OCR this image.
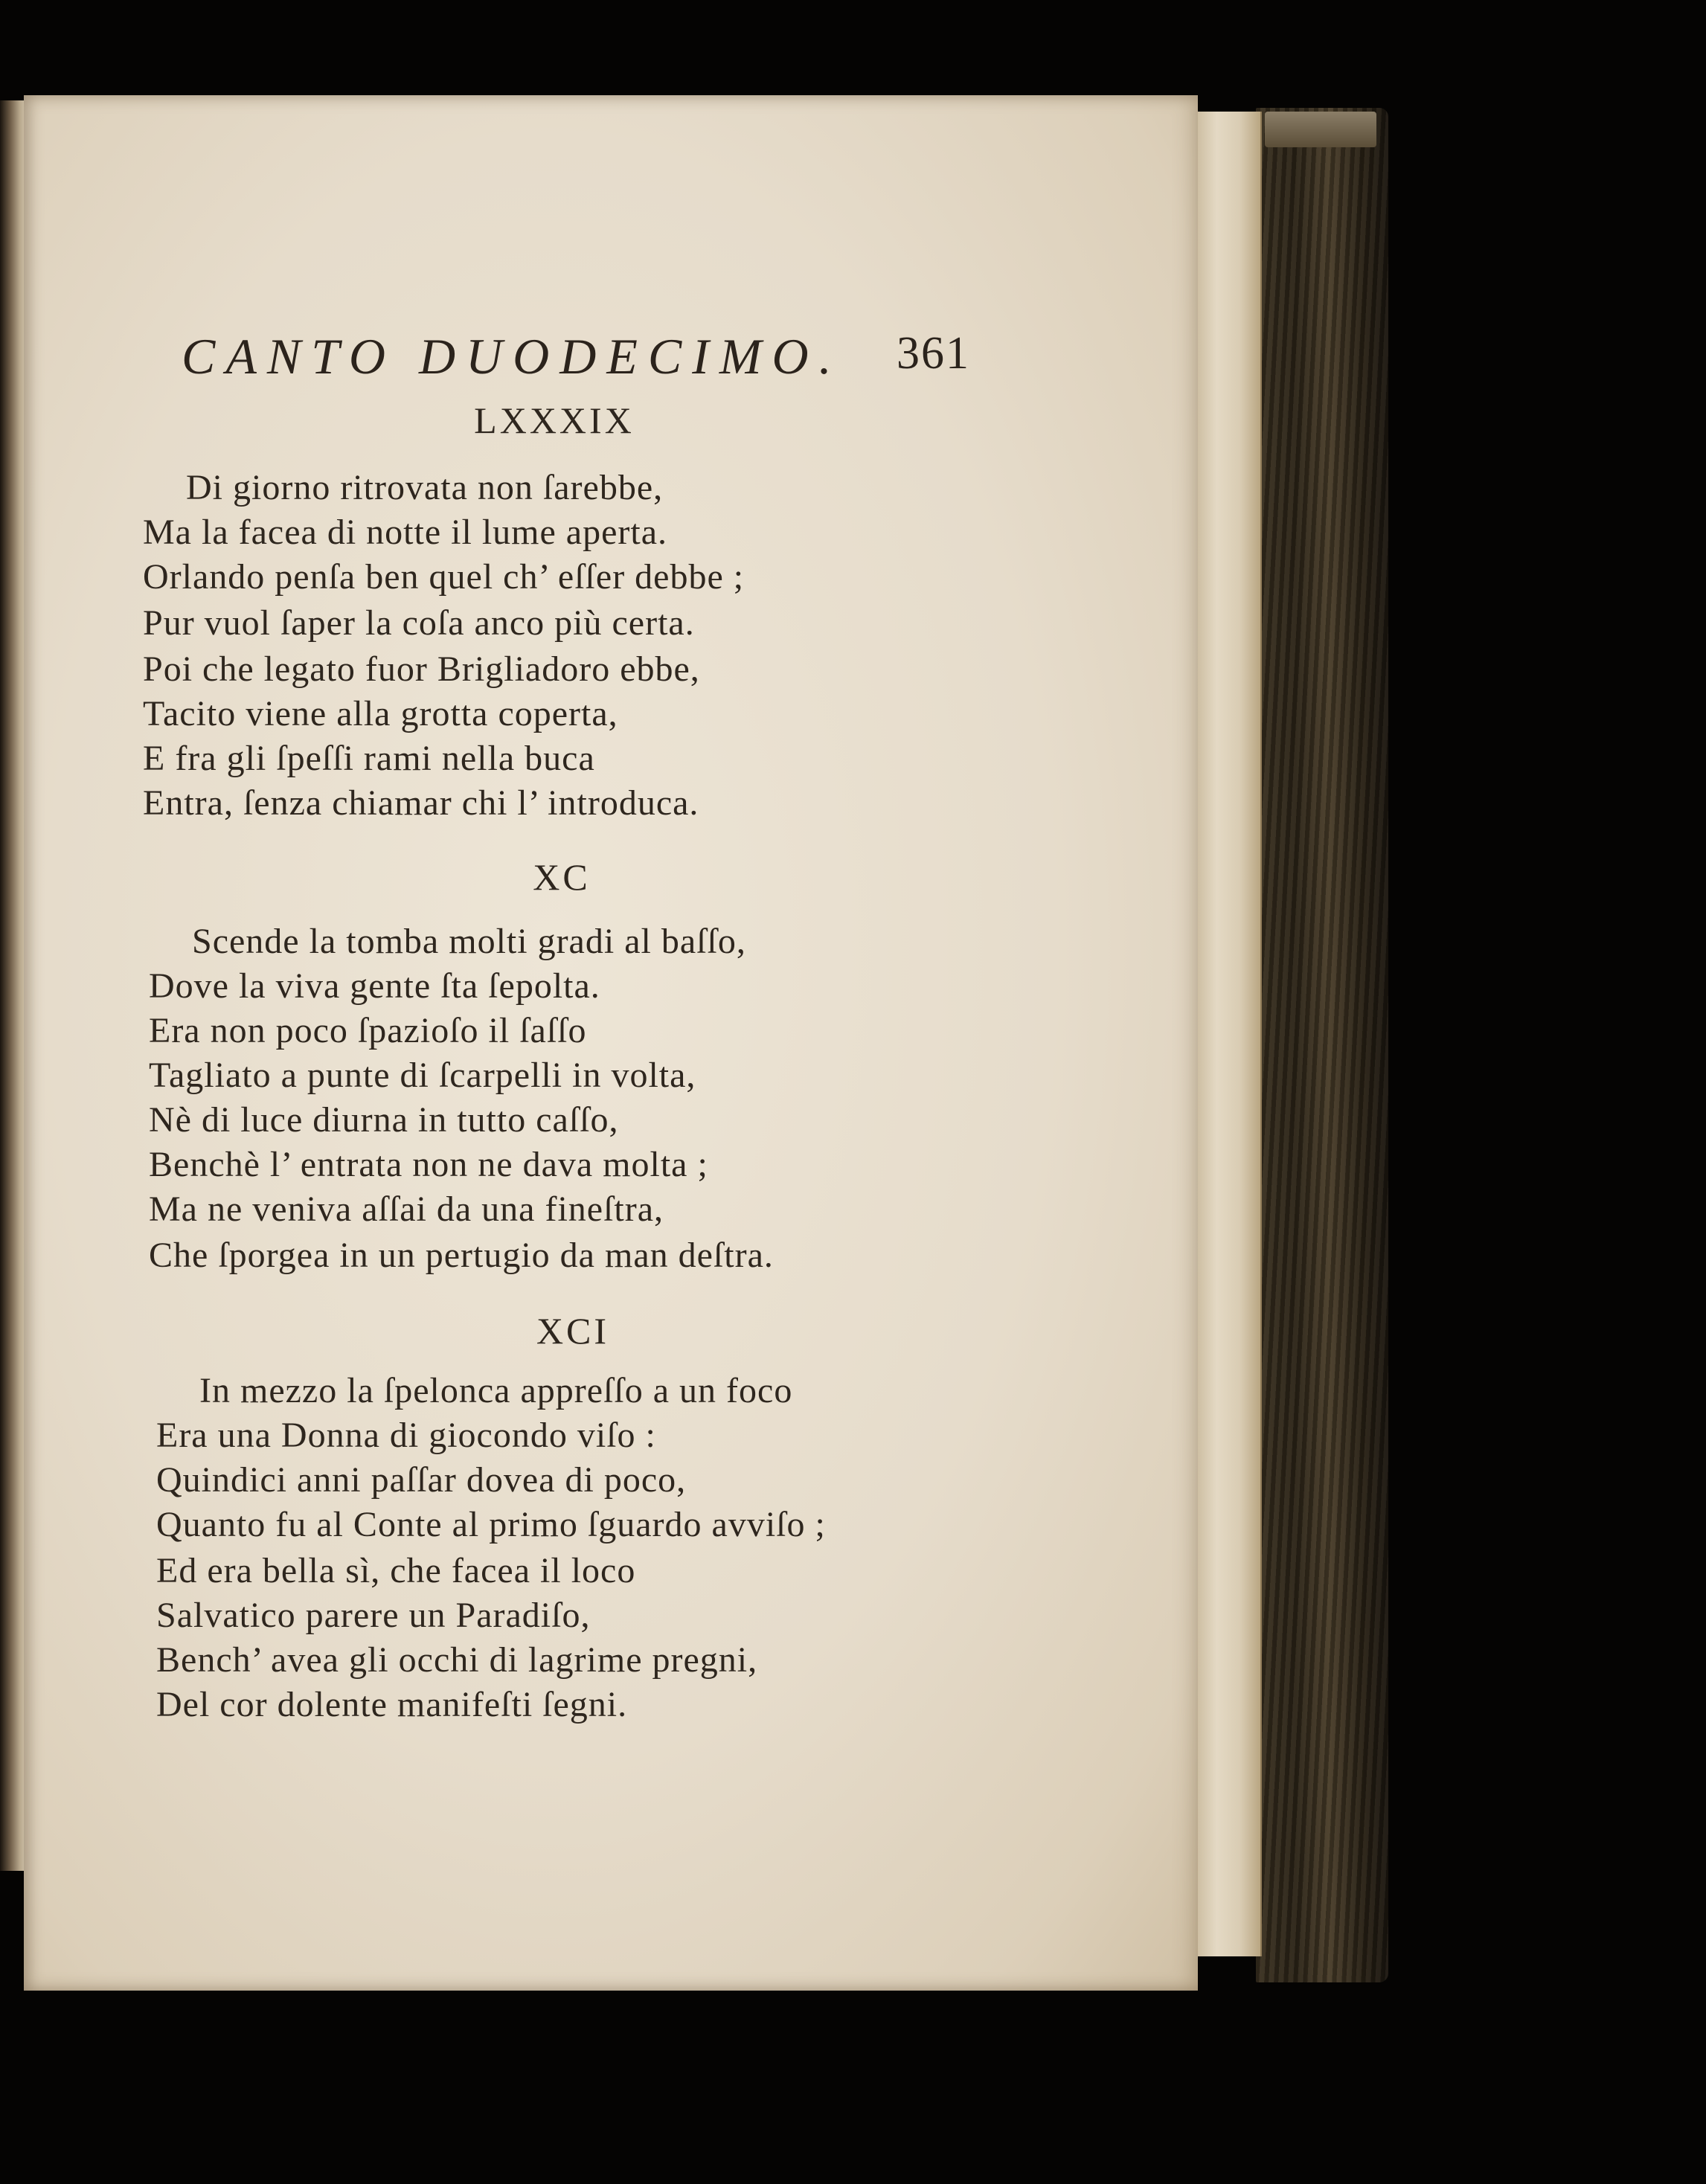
CANTO DUODECIMO. 361
LXXXIX
Di giorno ritrovata non ſarebbe,
Ma la facea di notte il lume aperta.
Orlando penſa ben quel ch’ eſſer debbe ;
Pur vuol ſaper la coſa anco più certa.
Poi che legato fuor Brigliadoro ebbe,
Tacito viene alla grotta coperta,
E fra gli ſpeſſi rami nella buca
Entra, ſenza chiamar chi l’ introduca.
XC
Scende la tomba molti gradi al baſſo,
Dove la viva gente ſta ſepolta.
Era non poco ſpazioſo il ſaſſo
Tagliato a punte di ſcarpelli in volta,
Nè di luce diurna in tutto caſſo,
Benchè l’ entrata non ne dava molta ;
Ma ne veniva aſſai da una fineſtra,
Che ſporgea in un pertugio da man deſtra.
XCI
In mezzo la ſpelonca appreſſo a un foco
Era una Donna di giocondo viſo :
Quindici anni paſſar dovea di poco,
Quanto fu al Conte al primo ſguardo avviſo ;
Ed era bella sì, che facea il loco
Salvatico parere un Paradiſo,
Bench’ avea gli occhi di lagrime pregni,
Del cor dolente manifeſti ſegni.
